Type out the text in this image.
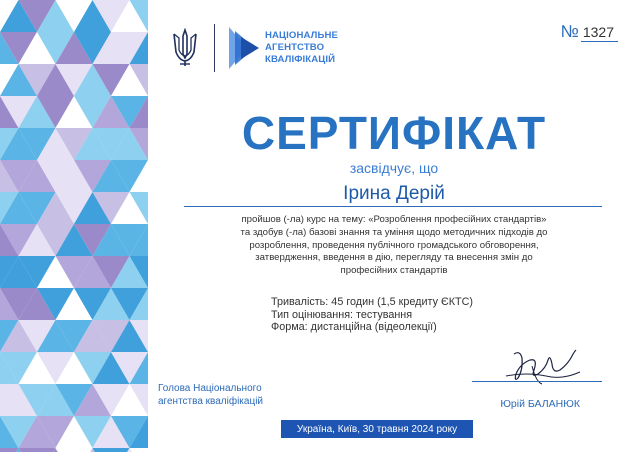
НАЦІОНАЛЬНЕ
АГЕНТСТВО
КВАЛІФІКАЦІЙ
№ 1327
СЕРТИФІКАТ
засвідчує, що
Ірина Дерій
пройшов (-ла) курс на тему: «Розроблення професійних стандартів»
та здобув (-ла) базові знання та уміння щодо методичних підходів до
розроблення, проведення публічного громадського обговорення,
затвердження, введення в дію, перегляду та внесення змін до
професійних стандартів
Тривалість: 45 годин (1,5 кредиту ЄКТС)
Тип оцінювання: тестування
Форма: дистанційна (відеолекції)
Юрій БАЛАНЮК
Голова Національного
агентства кваліфікацій
Україна, Київ, 30 травня 2024 року
